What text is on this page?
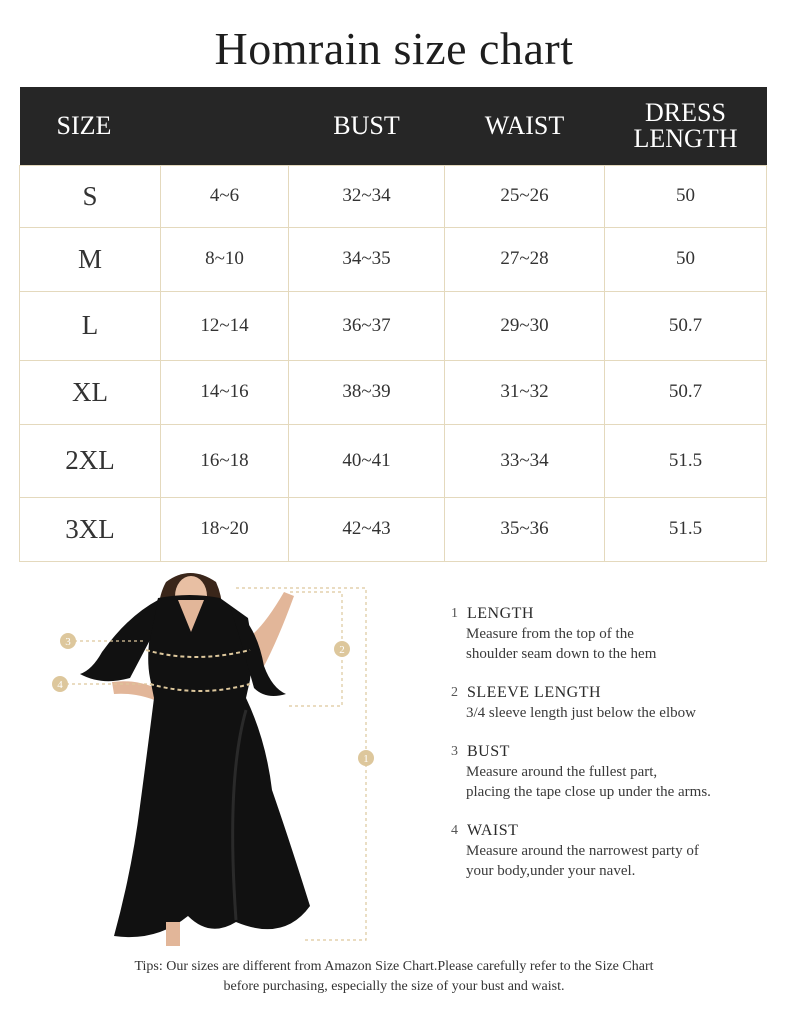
Homrain size chart
SIZE		BUST	WAIST	DRESS
LENGTH
S	4~6	32~34	25~26	50
M	8~10	34~35	27~28	50
L	12~14	36~37	29~30	50.7
XL	14~16	38~39	31~32	50.7
2XL	16~18	40~41	33~34	51.5
3XL	18~20	42~43	35~36	51.5
3
4
2
1
1 LENGTH
Measure from the top of the
shoulder seam down to the hem
2 SLEEVE LENGTH
3/4 sleeve length just below the elbow
3 BUST
Measure around the fullest part,
placing the tape close up under the arms.
4 WAIST
Measure around the narrowest party of
your body,under your navel.
Tips: Our sizes are different from Amazon Size Chart.Please carefully refer to the Size Chart
before purchasing, especially the size of your bust and waist.
